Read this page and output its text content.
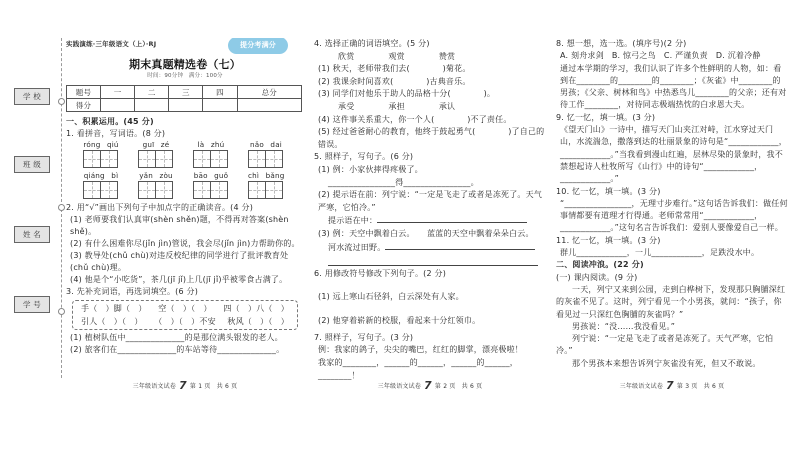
学 校
班 级
姓 名
学 号
实践演练·三年级语文（上）·RJ	提分考满分
期末真题精选卷（七）
时间：90分钟　满分：100分
题号	一	二	三	四	总分
得分					
一、积累运用。(45 分)
1. 看拼音，写词语。(8 分)
róng qiú	guī zé	là zhú	nǎo dai
qiáng bì	yǎn zòu	bāo guǒ	chì bǎng
2. 用“√”画出下列句子中加点字的正确读音。(4 分)
(1) 老师要我们认真审(shèn shěn)题，不得再对答案(shèn shě)。
(2) 有什么困难你尽(jǐn jìn)管说，我会尽(jǐn jìn)力帮助你的。
(3) 教导处(chǔ chù)对违反校纪律的同学进行了批评教育处(chǔ chù)理。
(4) 他是个“小吃货”，茶几(jī jǐ)上几(jī jǐ)乎被零食占满了。
3. 先补充词语，再选词填空。(6 分)
手（　）脚（　） 空（　）（　） 四（　）八（　）
引人（　）（　） （　）（　）不安 秋风（　）（　）
(1) 植树队伍中______________的是那位满头银发的老人。
(2) 旅客们在______________的车站等待______________。
4. 选择正确的词语填空。(5 分)
欣赏	观赏	赞赏
(1) 秋天，老师带我们去(　　　　)菊花。
(2) 我课余时间喜欢(　　　　)古典音乐。
(3) 同学们对他乐于助人的品格十分(　　　　)。
承受	承担	承认
(4) 这件事关系重大，你一个人(　　　　)不了责任。
(5) 经过爸爸耐心的教育，他终于鼓起勇气(　　　　)了自己的错误。
5. 照样子，写句子。(6 分)
(1) 例：小家伙摔得疼极了。
________________得________________。
(2) 提示语在前：列宁说：“一定是飞走了或者是冻死了。天气严寒，它怕冷。”
提示语在中：
(3) 例：天空中飘着白云。　　蓝蓝的天空中飘着朵朵白云。
河水流过田野。
6. 用修改符号修改下列句子。(2 分)
(1) 远上寒山石径斜，白云深处有人家。
(2) 他穿着崭新的校服，看起来十分红领巾。
7. 照样子，写句子。(3 分)
例：我家的鸽子，尖尖的嘴巴，红红的脚掌，漂亮极啦！
我家的________，______的______，______的______，________！
8. 想一想，选一选。(填序号)(2 分)
A. 刻舟求剑 B. 惊弓之鸟 C. 严谨负责 D. 沉着冷静
通过本学期的学习，我们认识了许多个性鲜明的人物，如：看到在________的________的________；《灰雀》中________的男孩；《父亲、树林和鸟》中热悉鸟儿________的父亲；还有对待工作________，对待同志极端热忱的白求恩大夫。
9. 忆一忆，填一填。(3 分)
《望天门山》一诗中，描写天门山夹江对峙，江水穿过天门山，水流湍急，撒落到达的壮丽景象的诗句是“____________，____________。”当我看到漫山红遍，层林尽染的景象时，我不禁想起诗人杜牧所写《山行》中的诗句“____________，____________。”
10. 忆一忆，填一填。(3 分)
“________________，无理寸步难行。”这句话告诉我们：做任何事情都要有道理才行得通。老师常常用“____________，____________。”这句名言告诉我们：爱别人要像爱自己一样。
11. 忆一忆，填一填。(3 分)
群儿____________，一儿____________，足跌没水中。
二、阅读冲浪。(22 分)
(一) 课内阅读。(9 分)
一天，列宁又来到公园，走到白桦树下，发现那只胸脯深红的灰雀不见了。这时，列宁看见一个小男孩，就问：“孩子，你看见过一只深红色胸脯的灰雀吗？”
男孩说：“没……我没看见。”
列宁说：“一定是飞走了或者是冻死了。天气严寒，它怕冷。”
那个男孩本来想告诉列宁灰雀没有死，但又不敢说。
三年级语文试卷 7 第 1 页　共 6 页	三年级语文试卷 7 第 2 页　共 6 页	三年级语文试卷 7 第 3 页　共 6 页
